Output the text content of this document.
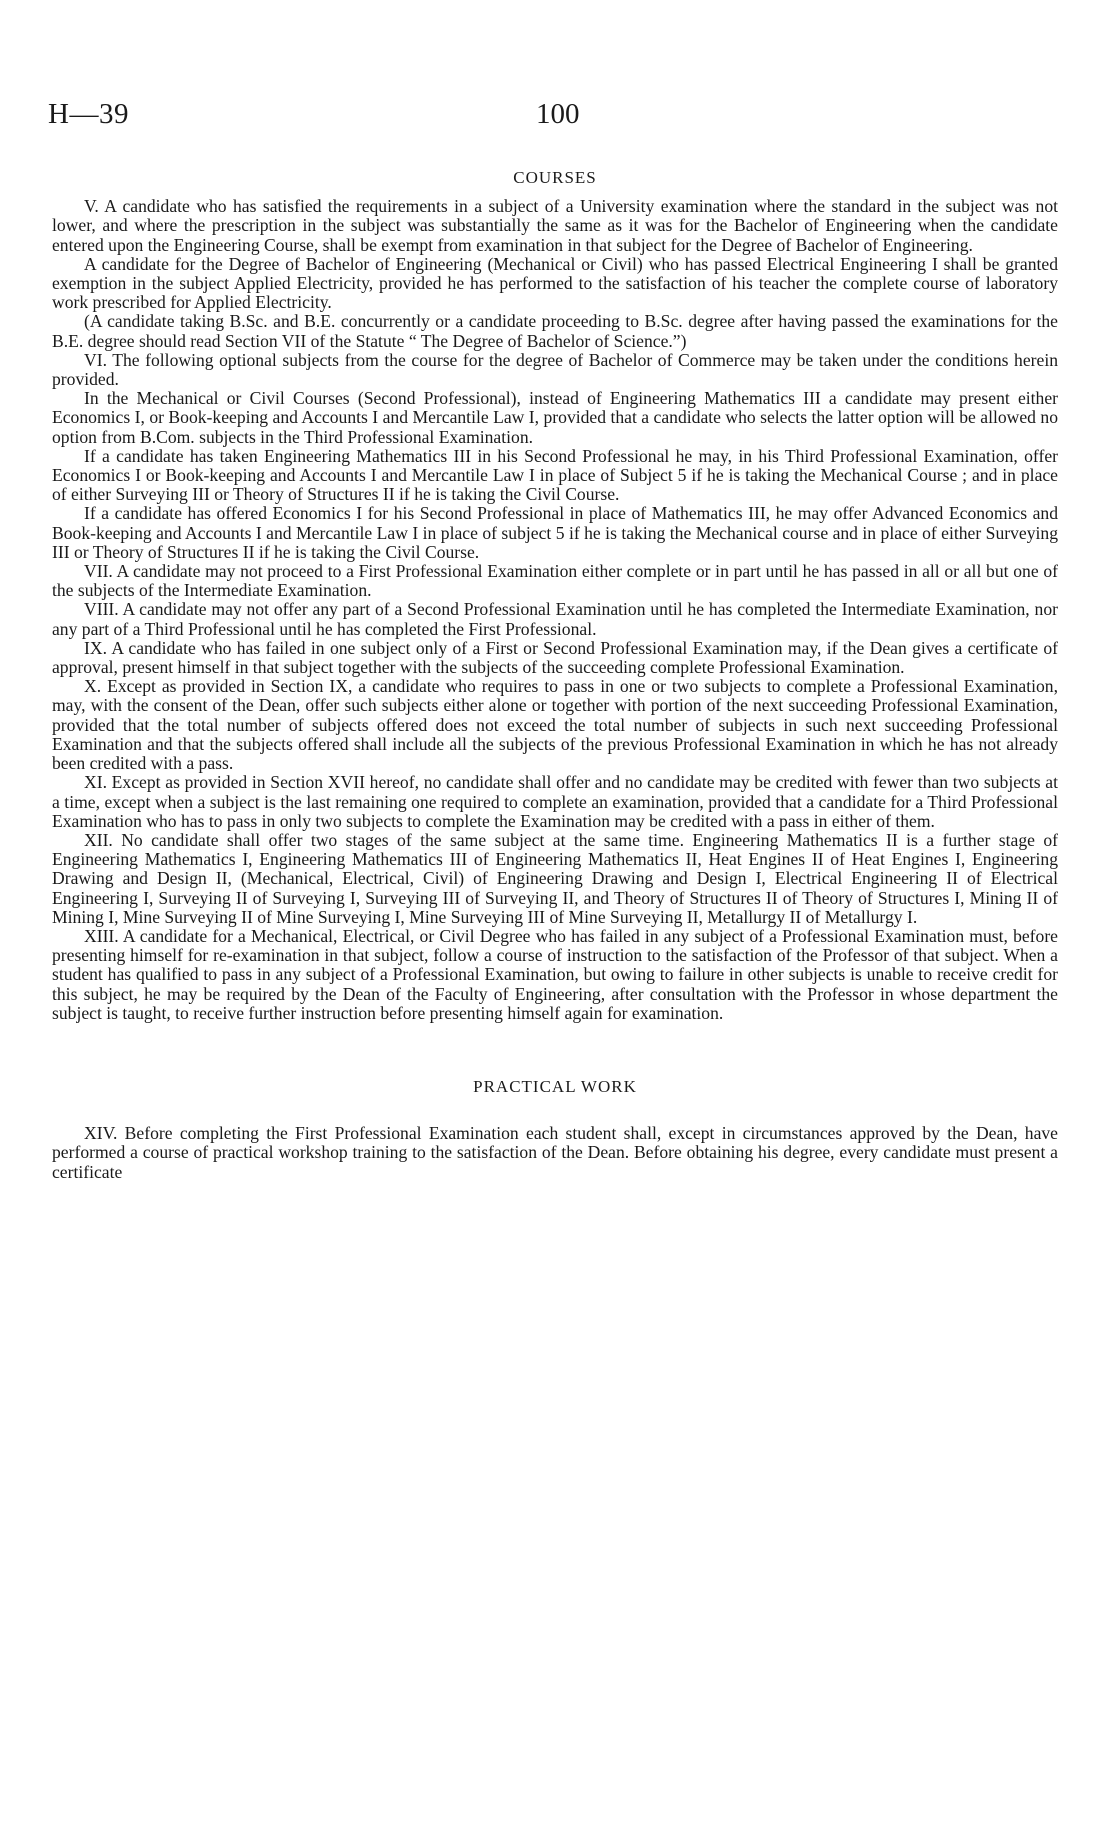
H—39	100
COURSES

V. A candidate who has satisfied the requirements in a subject of a University examination where the standard in the subject was not lower, and where the prescription in the subject was substantially the same as it was for the Bachelor of Engineering when the candidate entered upon the Engineering Course, shall be exempt from examination in that subject for the Degree of Bachelor of Engineering.

A candidate for the Degree of Bachelor of Engineering (Mechanical or Civil) who has passed Electrical Engineering I shall be granted exemption in the subject Applied Electricity, provided he has performed to the satisfaction of his teacher the complete course of laboratory work prescribed for Applied Electricity.

(A candidate taking B.Sc. and B.E. concurrently or a candidate proceeding to B.Sc. degree after having passed the examinations for the B.E. degree should read Section VII of the Statute “ The Degree of Bachelor of Science.”)

VI. The following optional subjects from the course for the degree of Bachelor of Commerce may be taken under the conditions herein provided.

In the Mechanical or Civil Courses (Second Professional), instead of Engineering Mathematics III a candidate may present either Economics I, or Book-keeping and Accounts I and Mercantile Law I, provided that a candidate who selects the latter option will be allowed no option from B.Com. subjects in the Third Professional Examination.

If a candidate has taken Engineering Mathematics III in his Second Professional he may, in his Third Professional Examination, offer Economics I or Book-keeping and Accounts I and Mercantile Law I in place of Subject 5 if he is taking the Mechanical Course ; and in place of either Surveying III or Theory of Structures II if he is taking the Civil Course.

If a candidate has offered Economics I for his Second Professional in place of Mathematics III, he may offer Advanced Economics and Book-keeping and Accounts I and Mercantile Law I in place of subject 5 if he is taking the Mechanical course and in place of either Surveying III or Theory of Structures II if he is taking the Civil Course.

VII. A candidate may not proceed to a First Professional Examination either complete or in part until he has passed in all or all but one of the subjects of the Intermediate Examination.

VIII. A candidate may not offer any part of a Second Professional Examination until he has completed the Intermediate Examination, nor any part of a Third Professional until he has completed the First Professional.

IX. A candidate who has failed in one subject only of a First or Second Professional Examination may, if the Dean gives a certificate of approval, present himself in that subject together with the subjects of the succeeding complete Professional Examination.

X. Except as provided in Section IX, a candidate who requires to pass in one or two subjects to complete a Professional Examination, may, with the consent of the Dean, offer such subjects either alone or together with portion of the next succeeding Professional Examination, provided that the total number of subjects offered does not exceed the total number of subjects in such next succeeding Professional Examination and that the subjects offered shall include all the subjects of the previous Professional Examination in which he has not already been credited with a pass.

XI. Except as provided in Section XVII hereof, no candidate shall offer and no candidate may be credited with fewer than two subjects at a time, except when a subject is the last remaining one required to complete an examination, provided that a candidate for a Third Professional Examination who has to pass in only two subjects to complete the Examination may be credited with a pass in either of them.

XII. No candidate shall offer two stages of the same subject at the same time. Engineering Mathematics II is a further stage of Engineering Mathematics I, Engineering Mathematics III of Engineering Mathematics II, Heat Engines II of Heat Engines I, Engineering Drawing and Design II, (Mechanical, Electrical, Civil) of Engineering Drawing and Design I, Electrical Engineering II of Electrical Engineering I, Surveying II of Surveying I, Surveying III of Surveying II, and Theory of Structures II of Theory of Structures I, Mining II of Mining I, Mine Surveying II of Mine Surveying I, Mine Surveying III of Mine Surveying II, Metallurgy II of Metallurgy I.

XIII. A candidate for a Mechanical, Electrical, or Civil Degree who has failed in any subject of a Professional Examination must, before presenting himself for re-examination in that subject, follow a course of instruction to the satisfaction of the Professor of that subject. When a student has qualified to pass in any subject of a Professional Examination, but owing to failure in other subjects is unable to receive credit for this subject, he may be required by the Dean of the Faculty of Engineering, after consultation with the Professor in whose department the subject is taught, to receive further instruction before presenting himself again for examination.

PRACTICAL WORK

XIV. Before completing the First Professional Examination each student shall, except in circumstances approved by the Dean, have performed a course of practical workshop training to the satisfaction of the Dean. Before obtaining his degree, every candidate must present a certificate
